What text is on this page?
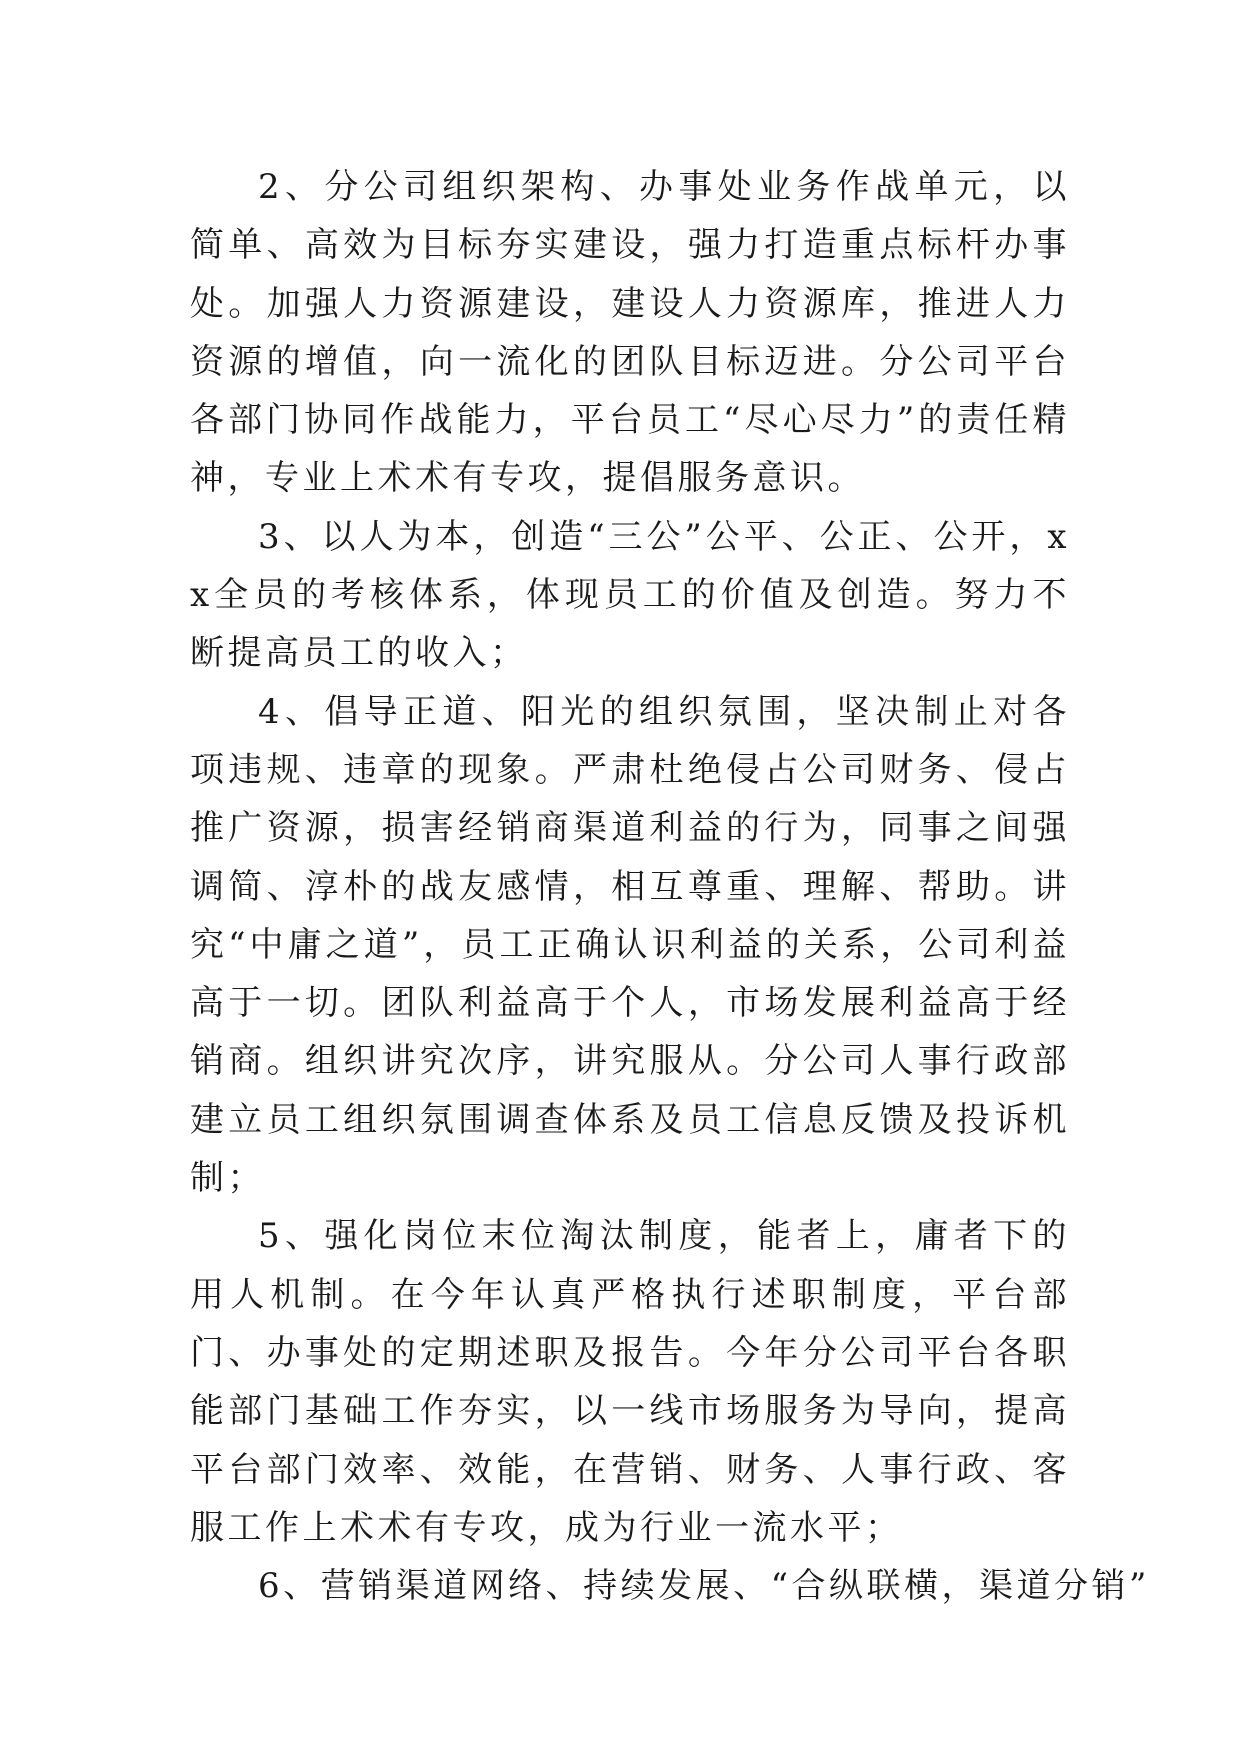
2、分公司组织架构、办事处业务作战单元，以简单、高效为目标夯实建设，强力打造重点标杆办事处。加强人力资源建设，建设人力资源库，推进人力资源的增值，向一流化的团队目标迈进。分公司平台各部门协同作战能力，平台员工“尽心尽力”的责任精神，专业上术术有专攻，提倡服务意识。

3、以人为本，创造“三公”公平、公正、公开，xx全员的考核体系，体现员工的价值及创造。努力不断提高员工的收入；

4、倡导正道、阳光的组织氛围，坚决制止对各项违规、违章的现象。严肃杜绝侵占公司财务、侵占推广资源，损害经销商渠道利益的行为，同事之间强调简、淳朴的战友感情，相互尊重、理解、帮助。讲究“中庸之道”，员工正确认识利益的关系，公司利益高于一切。团队利益高于个人，市场发展利益高于经销商。组织讲究次序，讲究服从。分公司人事行政部建立员工组织氛围调查体系及员工信息反馈及投诉机制；

5、强化岗位末位淘汰制度，能者上，庸者下的用人机制。在今年认真严格执行述职制度，平台部门、办事处的定期述职及报告。今年分公司平台各职能部门基础工作夯实，以一线市场服务为导向，提高平台部门效率、效能，在营销、财务、人事行政、客服工作上术术有专攻，成为行业一流水平；

6、营销渠道网络、持续发展、“合纵联横，渠道分销”
